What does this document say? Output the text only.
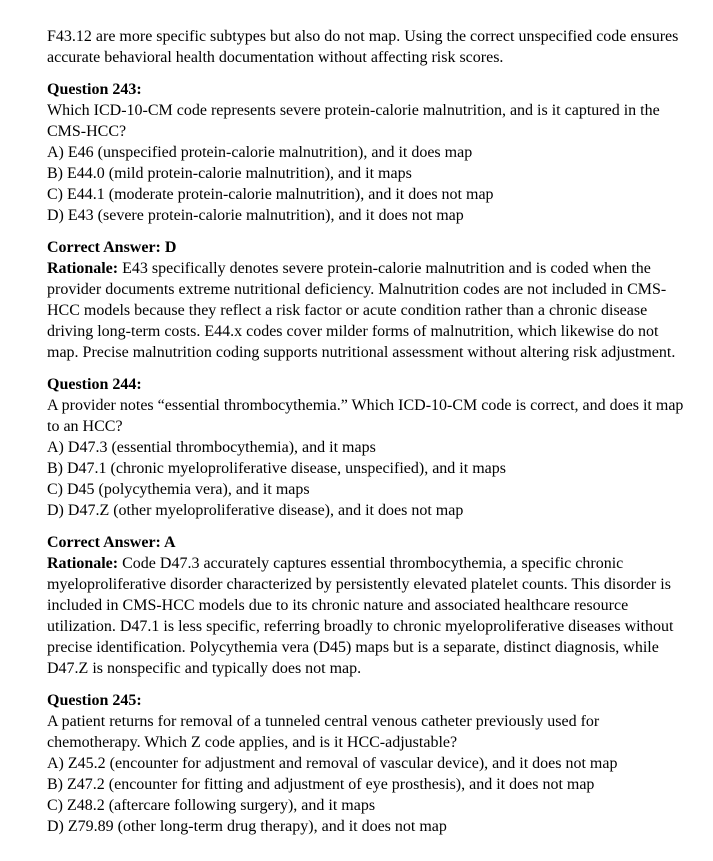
F43.12 are more specific subtypes but also do not map. Using the correct unspecified code ensures accurate behavioral health documentation without affecting risk scores.

Question 243:
Which ICD-10-CM code represents severe protein-calorie malnutrition, and is it captured in the CMS-HCC?
A) E46 (unspecified protein-calorie malnutrition), and it does map
B) E44.0 (mild protein-calorie malnutrition), and it maps
C) E44.1 (moderate protein-calorie malnutrition), and it does not map
D) E43 (severe protein-calorie malnutrition), and it does not map
Correct Answer: D
Rationale: E43 specifically denotes severe protein-calorie malnutrition and is coded when the provider documents extreme nutritional deficiency. Malnutrition codes are not included in CMS-HCC models because they reflect a risk factor or acute condition rather than a chronic disease driving long-term costs. E44.x codes cover milder forms of malnutrition, which likewise do not map. Precise malnutrition coding supports nutritional assessment without altering risk adjustment.
Question 244:
A provider notes “essential thrombocythemia.” Which ICD-10-CM code is correct, and does it map to an HCC?
A) D47.3 (essential thrombocythemia), and it maps
B) D47.1 (chronic myeloproliferative disease, unspecified), and it maps
C) D45 (polycythemia vera), and it maps
D) D47.Z (other myeloproliferative disease), and it does not map
Correct Answer: A
Rationale: Code D47.3 accurately captures essential thrombocythemia, a specific chronic myeloproliferative disorder characterized by persistently elevated platelet counts. This disorder is included in CMS-HCC models due to its chronic nature and associated healthcare resource utilization. D47.1 is less specific, referring broadly to chronic myeloproliferative diseases without precise identification. Polycythemia vera (D45) maps but is a separate, distinct diagnosis, while D47.Z is nonspecific and typically does not map.
Question 245:
A patient returns for removal of a tunneled central venous catheter previously used for chemotherapy. Which Z code applies, and is it HCC-adjustable?
A) Z45.2 (encounter for adjustment and removal of vascular device), and it does not map
B) Z47.2 (encounter for fitting and adjustment of eye prosthesis), and it does not map
C) Z48.2 (aftercare following surgery), and it maps
D) Z79.89 (other long-term drug therapy), and it does not map
